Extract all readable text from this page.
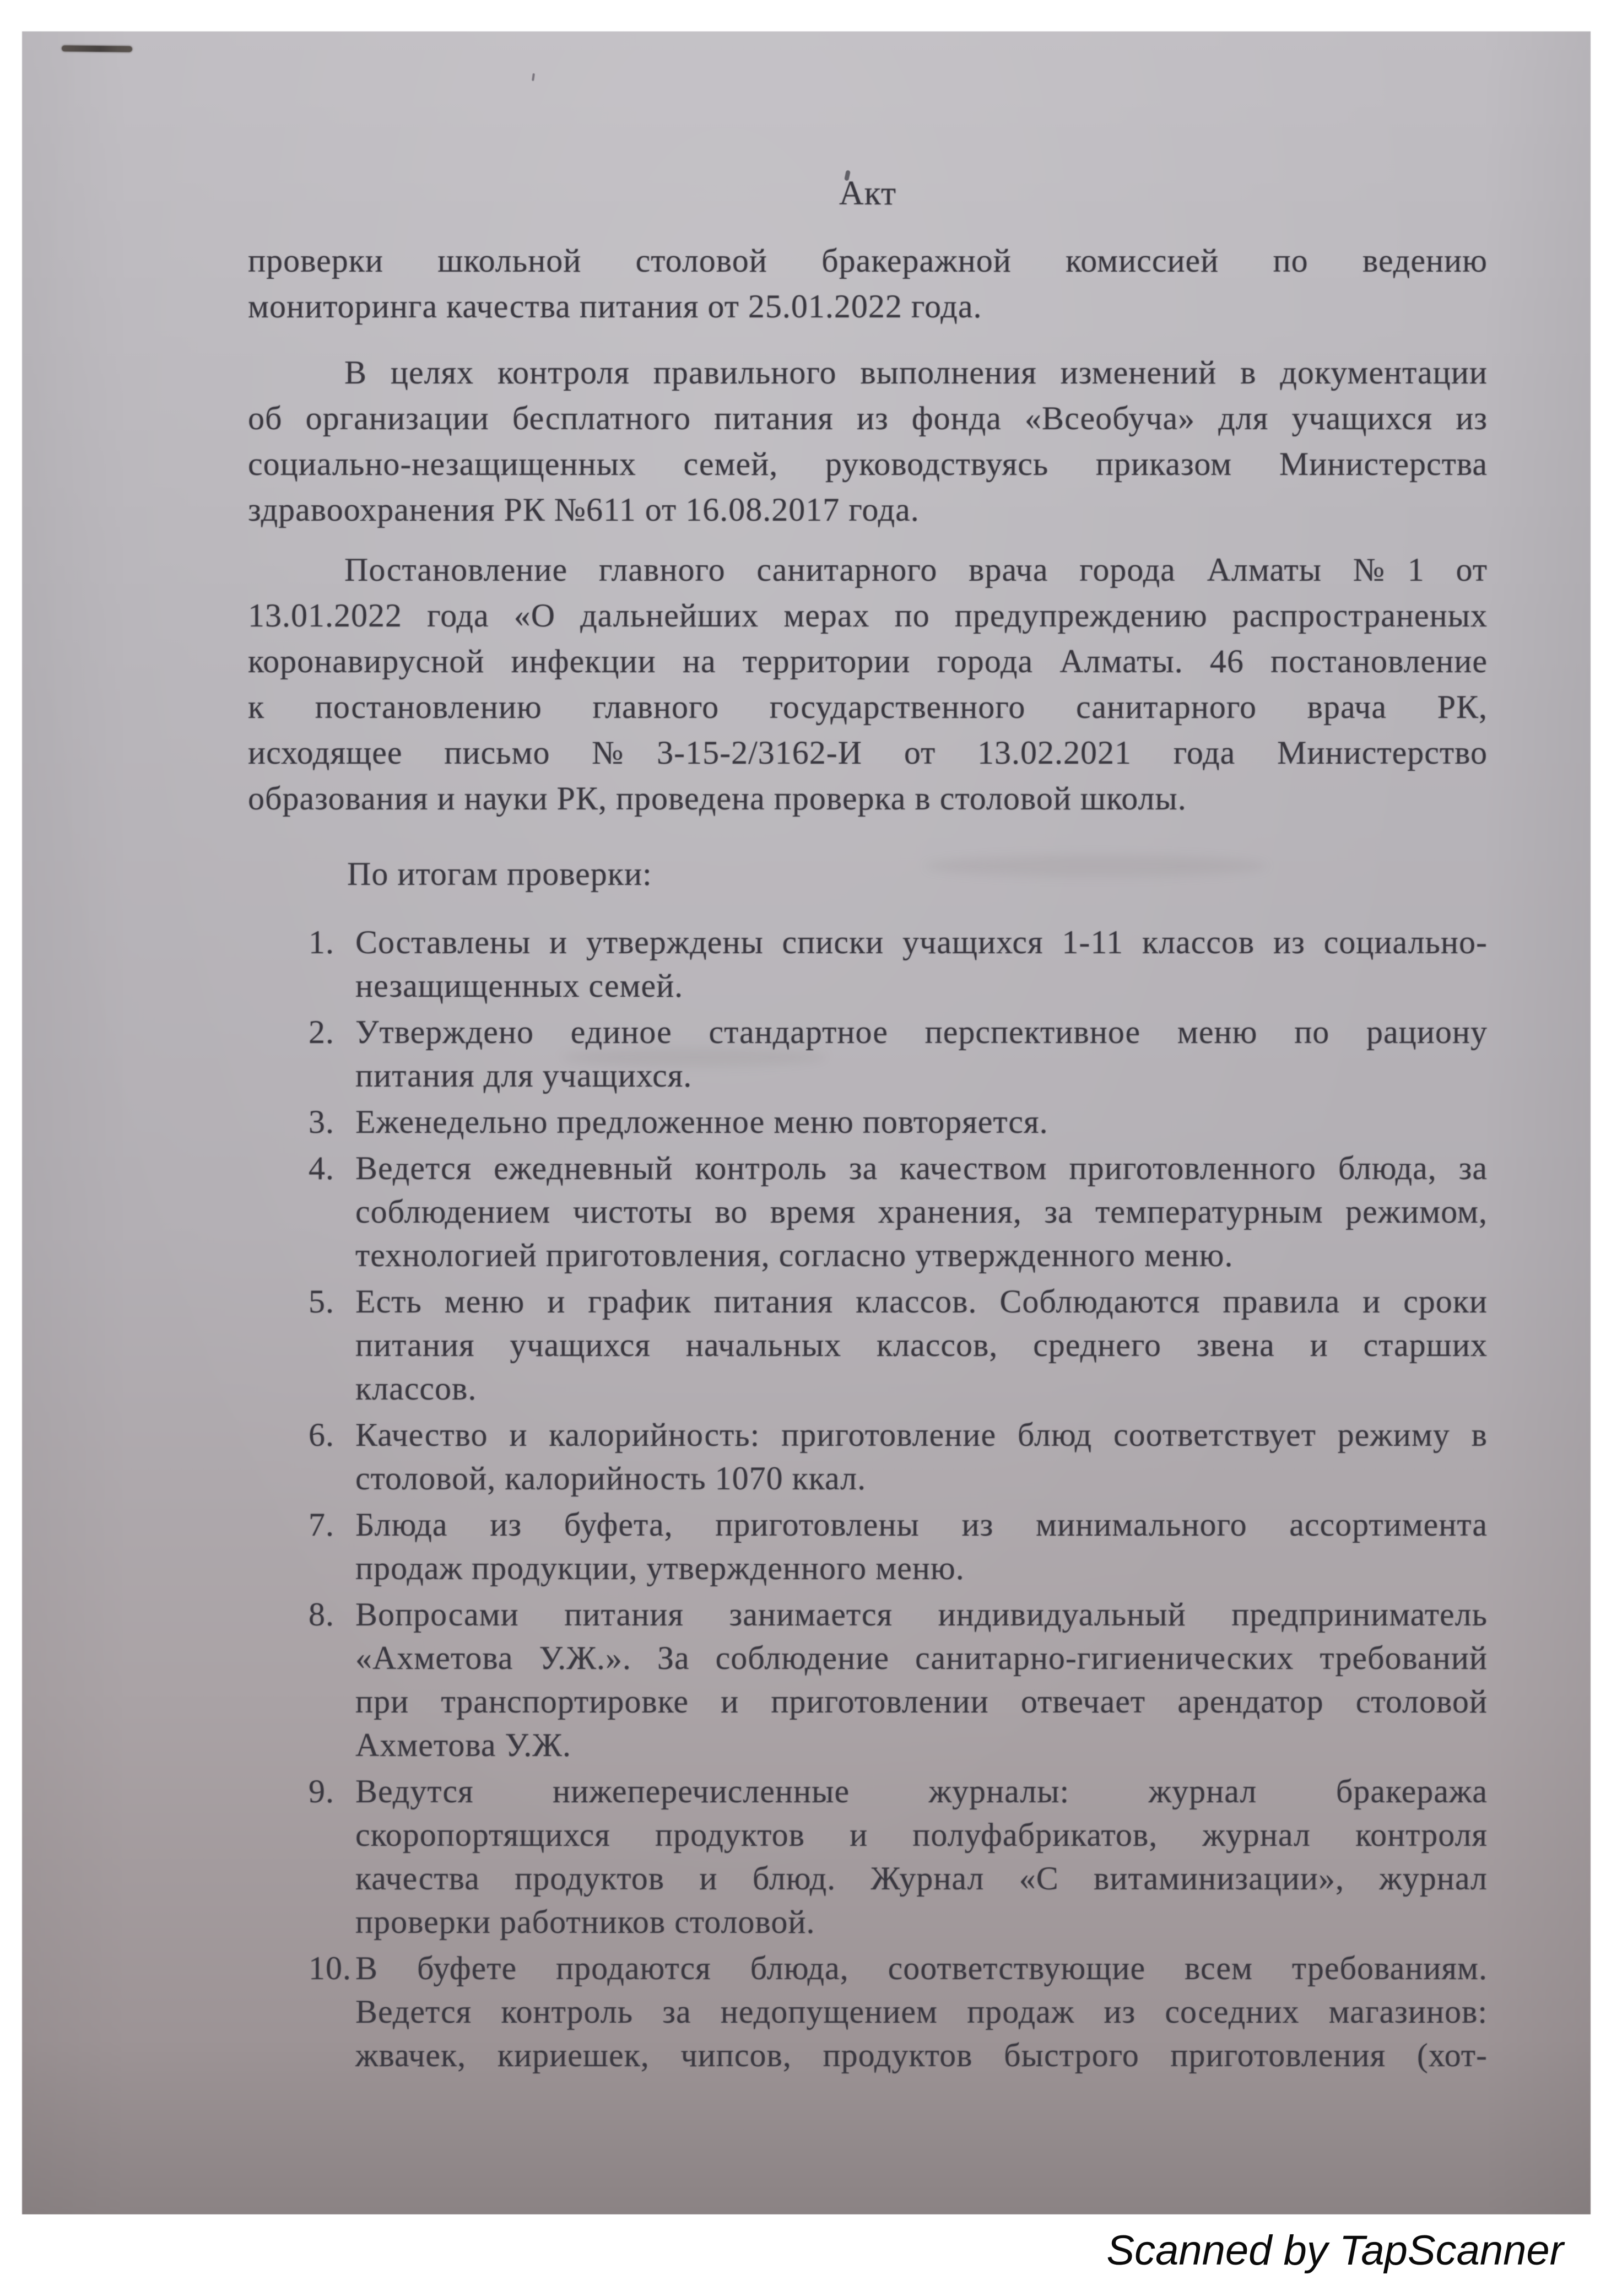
Акт
проверки школьной столовой бракеражной комиссией по ведению
мониторинга качества питания от 25.01.2022 года.
В целях контроля правильного выполнения изменений в документации
об организации бесплатного питания из фонда «Всеобуча» для учащихся из
социально-незащищенных семей, руководствуясь приказом Министерства
здравоохранения РК №611 от 16.08.2017 года.
Постановление главного санитарного врача города Алматы №1 от
13.01.2022 года «О дальнейших мерах по предупреждению распространеных
коронавирусной инфекции на территории города Алматы. 46 постановление
к постановлению главного государственного санитарного врача РК,
исходящее письмо №3-15-2/3162-И от 13.02.2021 года Министерство
образования и науки РК, проведена проверка в столовой школы.
По итогам проверки:
1. Составлены и утверждены списки учащихся 1-11 классов из социально-
незащищенных семей.
2. Утверждено единое стандартное перспективное меню по рациону
питания для учащихся.
3. Еженедельно предложенное меню повторяется.
4. Ведется ежедневный контроль за качеством приготовленного блюда, за
соблюдением чистоты во время хранения, за температурным режимом,
технологией приготовления, согласно утвержденного меню.
5. Есть меню и график питания классов. Соблюдаются правила и сроки
питания учащихся начальных классов, среднего звена и старших
классов.
6. Качество и калорийность: приготовление блюд соответствует режиму в
столовой, калорийность 1070 ккал.
7. Блюда из буфета, приготовлены из минимального ассортимента
продаж продукции, утвержденного меню.
8. Вопросами питания занимается индивидуальный предприниматель
«Ахметова У.Ж.». За соблюдение санитарно-гигиенических требований
при транспортировке и приготовлении отвечает арендатор столовой
Ахметова У.Ж.
9. Ведутся нижеперечисленные журналы: журнал бракеража
скоропортящихся продуктов и полуфабрикатов, журнал контроля
качества продуктов и блюд. Журнал «С витаминизации», журнал
проверки работников столовой.
10. В буфете продаются блюда, соответствующие всем требованиям.
Ведется контроль за недопущением продаж из соседних магазинов:
жвачек, кириешек, чипсов, продуктов быстрого приготовления (хот-
Scanned by TapScanner
